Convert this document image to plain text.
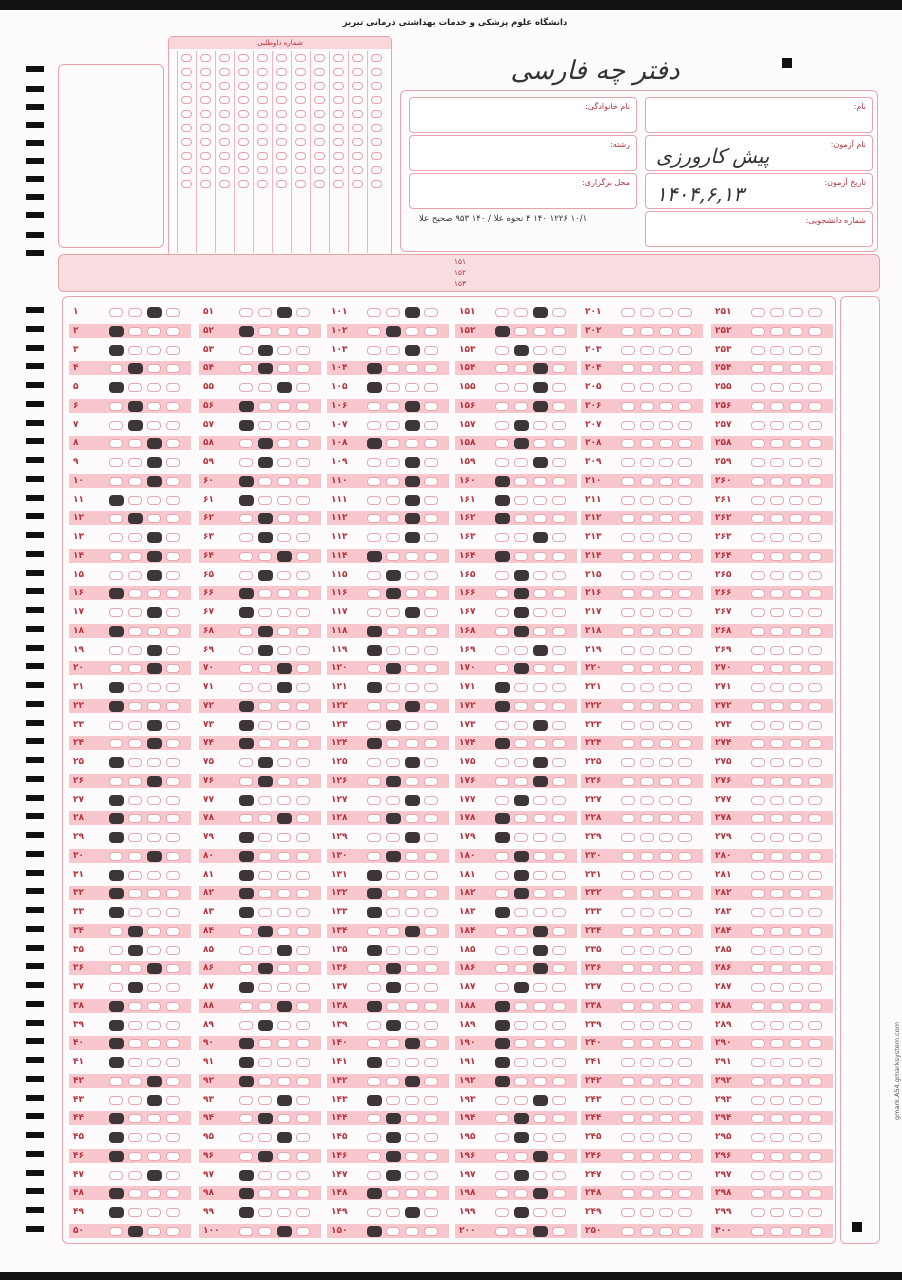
دانشگاه علوم پزشکی و خدمات بهداشتی درمانی تبریز
دفتر چه فارسی
شماره داوطلبی
نام:
نام خانوادگی:
نام آزمون:
پیش کارورزی
رشته:
تاریخ آزمون:
۱۴۰۴,۶,۱۳
محل برگزاری:
شماره دانشجویی:
۱۰/۱ ۱۲۲۶ ۱۴۰ ۴ نحوه علا / ۱۴۰ ۹۵۳ صحیح علا
۱۵۱
۱۵۲
۱۵۳
۱
۲
۳
۴
۵
۶
۷
۸
۹
۱۰
۱۱
۱۲
۱۳
۱۴
۱۵
۱۶
۱۷
۱۸
۱۹
۲۰
۲۱
۲۲
۲۳
۲۴
۲۵
۲۶
۲۷
۲۸
۲۹
۳۰
۳۱
۳۲
۳۳
۳۴
۳۵
۳۶
۳۷
۳۸
۳۹
۴۰
۴۱
۴۲
۴۳
۴۴
۴۵
۴۶
۴۷
۴۸
۴۹
۵۰
۵۱
۵۲
۵۳
۵۴
۵۵
۵۶
۵۷
۵۸
۵۹
۶۰
۶۱
۶۲
۶۳
۶۴
۶۵
۶۶
۶۷
۶۸
۶۹
۷۰
۷۱
۷۲
۷۳
۷۴
۷۵
۷۶
۷۷
۷۸
۷۹
۸۰
۸۱
۸۲
۸۳
۸۴
۸۵
۸۶
۸۷
۸۸
۸۹
۹۰
۹۱
۹۲
۹۳
۹۴
۹۵
۹۶
۹۷
۹۸
۹۹
۱۰۰
۱۰۱
۱۰۲
۱۰۳
۱۰۴
۱۰۵
۱۰۶
۱۰۷
۱۰۸
۱۰۹
۱۱۰
۱۱۱
۱۱۲
۱۱۳
۱۱۴
۱۱۵
۱۱۶
۱۱۷
۱۱۸
۱۱۹
۱۲۰
۱۲۱
۱۲۲
۱۲۳
۱۲۴
۱۲۵
۱۲۶
۱۲۷
۱۲۸
۱۲۹
۱۳۰
۱۳۱
۱۳۲
۱۳۳
۱۳۴
۱۳۵
۱۳۶
۱۳۷
۱۳۸
۱۳۹
۱۴۰
۱۴۱
۱۴۲
۱۴۳
۱۴۴
۱۴۵
۱۴۶
۱۴۷
۱۴۸
۱۴۹
۱۵۰
۱۵۱
۱۵۲
۱۵۳
۱۵۴
۱۵۵
۱۵۶
۱۵۷
۱۵۸
۱۵۹
۱۶۰
۱۶۱
۱۶۲
۱۶۳
۱۶۴
۱۶۵
۱۶۶
۱۶۷
۱۶۸
۱۶۹
۱۷۰
۱۷۱
۱۷۲
۱۷۳
۱۷۴
۱۷۵
۱۷۶
۱۷۷
۱۷۸
۱۷۹
۱۸۰
۱۸۱
۱۸۲
۱۸۳
۱۸۴
۱۸۵
۱۸۶
۱۸۷
۱۸۸
۱۸۹
۱۹۰
۱۹۱
۱۹۲
۱۹۳
۱۹۴
۱۹۵
۱۹۶
۱۹۷
۱۹۸
۱۹۹
۲۰۰
۲۰۱
۲۰۲
۲۰۳
۲۰۴
۲۰۵
۲۰۶
۲۰۷
۲۰۸
۲۰۹
۲۱۰
۲۱۱
۲۱۲
۲۱۳
۲۱۴
۲۱۵
۲۱۶
۲۱۷
۲۱۸
۲۱۹
۲۲۰
۲۲۱
۲۲۲
۲۲۳
۲۲۴
۲۲۵
۲۲۶
۲۲۷
۲۲۸
۲۲۹
۲۳۰
۲۳۱
۲۳۲
۲۳۳
۲۳۴
۲۳۵
۲۳۶
۲۳۷
۲۳۸
۲۳۹
۲۴۰
۲۴۱
۲۴۲
۲۴۳
۲۴۴
۲۴۵
۲۴۶
۲۴۷
۲۴۸
۲۴۹
۲۵۰
۲۵۱
۲۵۲
۲۵۳
۲۵۴
۲۵۵
۲۵۶
۲۵۷
۲۵۸
۲۵۹
۲۶۰
۲۶۱
۲۶۲
۲۶۳
۲۶۴
۲۶۵
۲۶۶
۲۶۷
۲۶۸
۲۶۹
۲۷۰
۲۷۱
۲۷۲
۲۷۳
۲۷۴
۲۷۵
۲۷۶
۲۷۷
۲۷۸
۲۷۹
۲۸۰
۲۸۱
۲۸۲
۲۸۳
۲۸۴
۲۸۵
۲۸۶
۲۸۷
۲۸۸
۲۸۹
۲۹۰
۲۹۱
۲۹۲
۲۹۳
۲۹۴
۲۹۵
۲۹۶
۲۹۷
۲۹۸
۲۹۹
۳۰۰
gmark.A54.gmarksystem.com
